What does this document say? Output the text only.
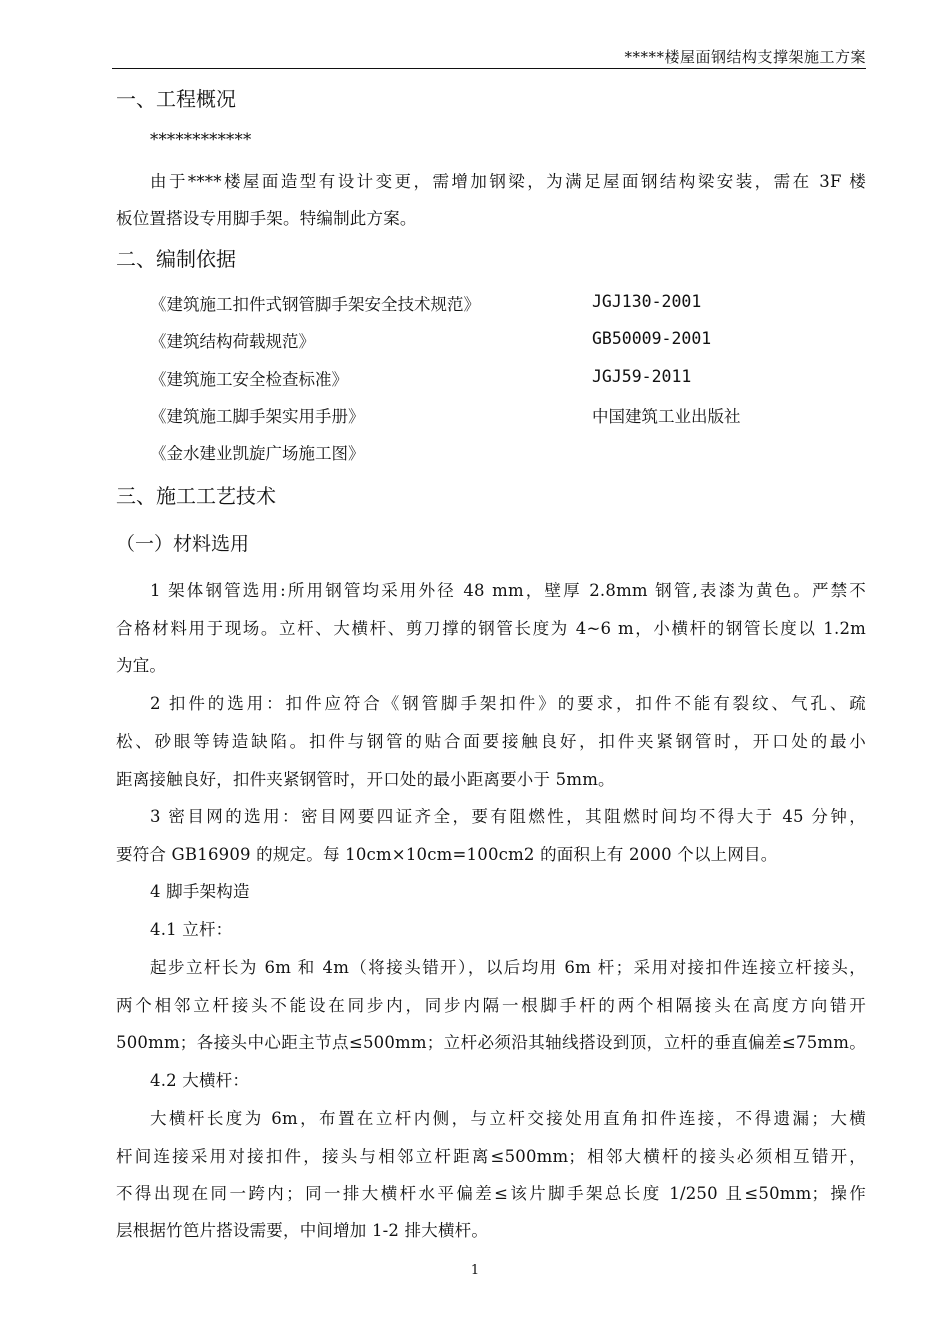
*****楼屋面钢结构支撑架施工方案
一、工程概况
************
由于****楼屋面造型有设计变更，需增加钢梁，为满足屋面钢结构梁安装，需在 3F 楼
板位置搭设专用脚手架。特编制此方案。
二、编制依据
《建筑施工扣件式钢管脚手架安全技术规范》	JGJ130-2001
《建筑结构荷载规范》	GB50009-2001
《建筑施工安全检查标准》	JGJ59-2011
《建筑施工脚手架实用手册》	中国建筑工业出版社
《金水建业凯旋广场施工图》
三、施工工艺技术
（一）材料选用
1 架体钢管选用:所用钢管均采用外径 48 mm，壁厚 2.8mm 钢管,表漆为黄色。严禁不
合格材料用于现场。立杆、大横杆、剪刀撑的钢管长度为 4~6 m，小横杆的钢管长度以 1.2m
为宜。
2 扣件的选用：扣件应符合《钢管脚手架扣件》的要求，扣件不能有裂纹、气孔、疏
松、砂眼等铸造缺陷。扣件与钢管的贴合面要接触良好，扣件夹紧钢管时，开口处的最小
距离接触良好，扣件夹紧钢管时，开口处的最小距离要小于 5mm。
3 密目网的选用：密目网要四证齐全，要有阻燃性，其阻燃时间均不得大于 45 分钟，
要符合 GB16909 的规定。每 10cm×10cm=100cm2 的面积上有 2000 个以上网目。
4 脚手架构造
4.1 立杆：
起步立杆长为 6m 和 4m（将接头错开），以后均用 6m 杆；采用对接扣件连接立杆接头，
两个相邻立杆接头不能设在同步内，同步内隔一根脚手杆的两个相隔接头在高度方向错开
500mm；各接头中心距主节点≤500mm；立杆必须沿其轴线搭设到顶，立杆的垂直偏差≤75mm。
4.2 大横杆：
大横杆长度为 6m，布置在立杆内侧，与立杆交接处用直角扣件连接，不得遗漏；大横
杆间连接采用对接扣件，接头与相邻立杆距离≤500mm；相邻大横杆的接头必须相互错开，
不得出现在同一跨内；同一排大横杆水平偏差≤该片脚手架总长度 1/250 且≤50mm；操作
层根据竹笆片搭设需要，中间增加 1-2 排大横杆。
1
